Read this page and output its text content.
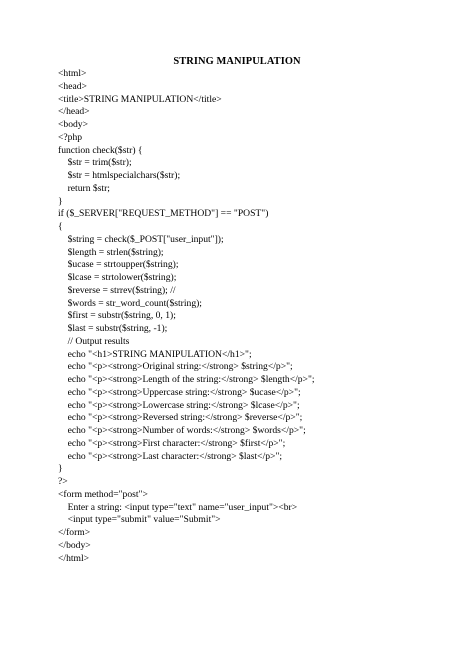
STRING MANIPULATION
<html>
<head>
<title>STRING MANIPULATION</title>
</head>
<body>
<?php
function check($str) {
$str = trim($str);
$str = htmlspecialchars($str);
return $str;
}
if ($_SERVER["REQUEST_METHOD"] == "POST")
{
$string = check($_POST["user_input"]);
$length = strlen($string);
$ucase = strtoupper($string);
$lcase = strtolower($string);
$reverse = strrev($string); //
$words = str_word_count($string);
$first = substr($string, 0, 1);
$last = substr($string, -1);
// Output results
echo "<h1>STRING MANIPULATION</h1>";
echo "<p><strong>Original string:</strong> $string</p>";
echo "<p><strong>Length of the string:</strong> $length</p>";
echo "<p><strong>Uppercase string:</strong> $ucase</p>";
echo "<p><strong>Lowercase string:</strong> $lcase</p>";
echo "<p><strong>Reversed string:</strong> $reverse</p>";
echo "<p><strong>Number of words:</strong> $words</p>";
echo "<p><strong>First character:</strong> $first</p>";
echo "<p><strong>Last character:</strong> $last</p>";
}
?>
<form method="post">
Enter a string: <input type="text" name="user_input"><br>
<input type="submit" value="Submit">
</form>
</body>
</html>
